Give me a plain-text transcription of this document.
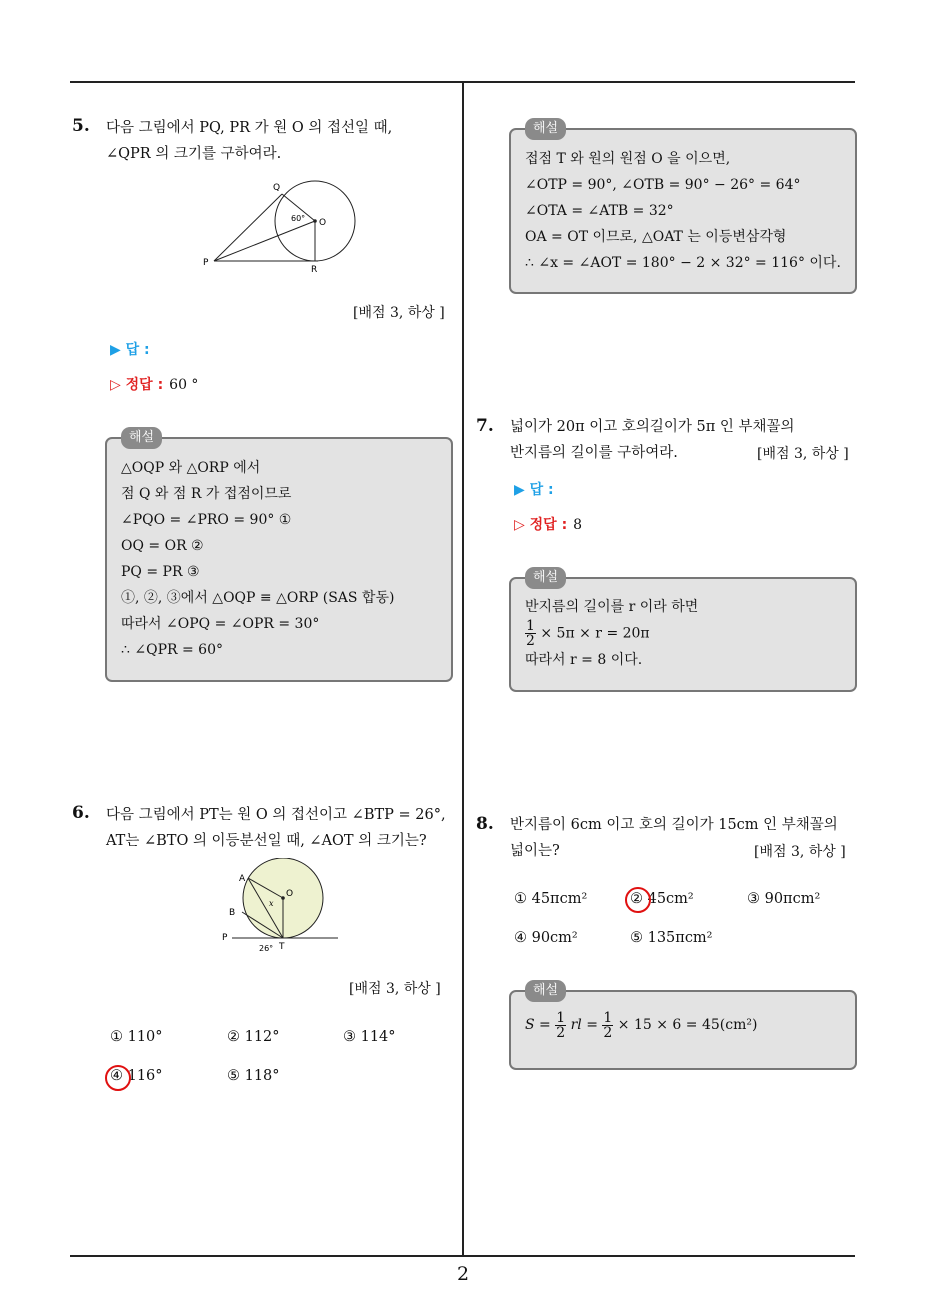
2
5. 다음 그림에서 PQ, PR 가 원 O 의 접선일 때,
∠QPR 의 크기를 구하여라.
Q
O
P
R
60°
[배점 3, 하상 ]
▶ 답 :
▷ 정답 : 60 °
해설
△OQP 와 △ORP 에서
점 Q 와 점 R 가 접점이므로
∠PQO = ∠PRO = 90° ①
OQ = OR ②
PQ = PR ③
①, ②, ③에서 △OQP ≡ △ORP (SAS 합동)
따라서 ∠OPQ = ∠OPR = 30°
∴ ∠QPR = 60°
6. 다음 그림에서 PT는 원 O 의 접선이고 ∠BTP = 26°,
AT는 ∠BTO 의 이등분선일 때, ∠AOT 의 크기는?
A
O
B
P
T
x
26°
[배점 3, 하상 ]
① 110°	② 112°	③ 114°
④ 116°	⑤ 118°
해설
접점 T 와 원의 원점 O 을 이으면,
∠OTP = 90°, ∠OTB = 90° − 26° = 64°
∠OTA = ∠ATB = 32°
OA = OT 이므로, △OAT 는 이등변삼각형
∴ ∠x = ∠AOT = 180° − 2 × 32° = 116° 이다.
7. 넓이가 20π 이고 호의길이가 5π 인 부채꼴의
반지름의 길이를 구하여라.	[배점 3, 하상 ]
▶ 답 :
▷ 정답 : 8
해설
반지름의 길이를 r 이라 하면
$\frac{1}{2} \times 5\pi \times r = 20\pi$
따라서 r = 8 이다.
8. 반지름이 6cm 이고 호의 길이가 15cm 인 부채꼴의
넓이는?	[배점 3, 하상 ]
① 45πcm²	② 45cm²	③ 90πcm²
④ 90cm²	⑤ 135πcm²
해설
$S = \frac{1}{2}$ rl = $\frac{1}{2} \times 15 \times 6 = 45(cm^2)$
